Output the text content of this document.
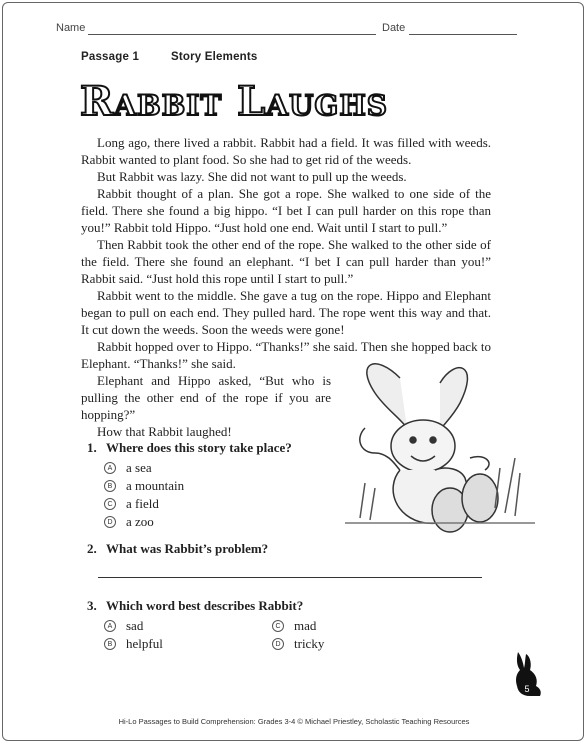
Name	Date
Passage 1	Story Elements
Rabbit Laughs

Long ago, there lived a rabbit. Rabbit had a field. It was filled with weeds. Rabbit wanted to plant food. So she had to get rid of the weeds.

But Rabbit was lazy. She did not want to pull up the weeds.

Rabbit thought of a plan. She got a rope. She walked to one side of the field. There she found a big hippo. “I bet I can pull harder on this rope than you!” Rabbit told Hippo. “Just hold one end. Wait until I start to pull.”

Then Rabbit took the other end of the rope. She walked to the other side of the field. There she found an elephant. “I bet I can pull harder than you!” Rabbit said. “Just hold this rope until I start to pull.”

Rabbit went to the middle. She gave a tug on the rope. Hippo and Elephant began to pull on each end. They pulled hard. The rope went this way and that. It cut down the weeds. Soon the weeds were gone!

Rabbit hopped over to Hippo. “Thanks!” she said. Then she hopped back to Elephant. “Thanks!” she said.

Elephant and Hippo asked, “But who is pulling the other end of the rope if you are hopping?”

How that Rabbit laughed!

1. Where does this story take place?
A a sea
B a mountain
C a field
D a zoo
2. What was Rabbit’s problem?
3. Which word best describes Rabbit?
A sad
B helpful
C mad
D tricky
5
Hi-Lo Passages to Build Comprehension: Grades 3-4 © Michael Priestley, Scholastic Teaching Resources
